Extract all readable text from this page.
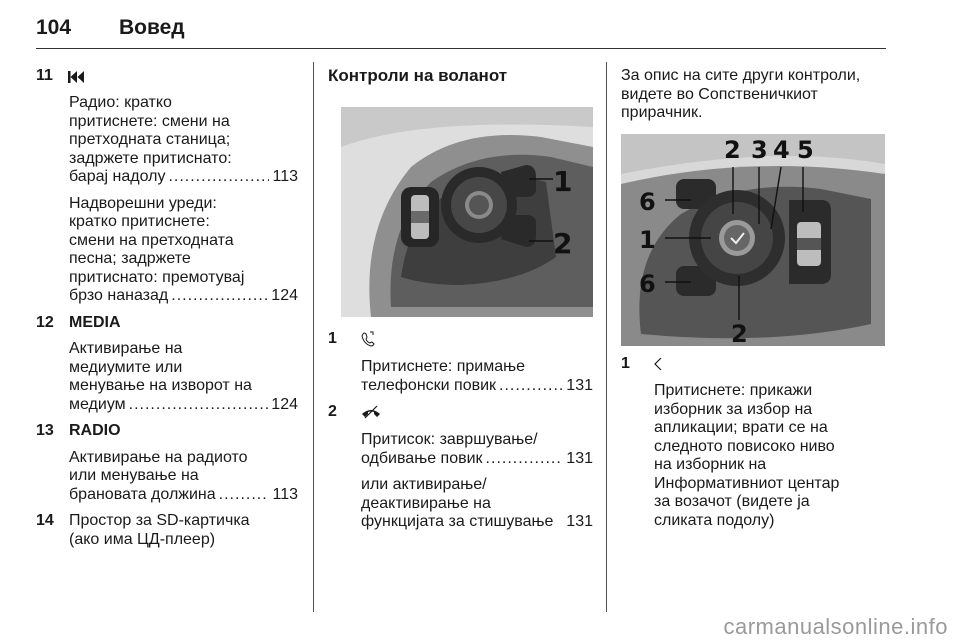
104 Вовед
11
Радио: кратко
притиснете: смени на
претходната станица;
задржете притиснато:
барај надолу .....	113
Надворешни уреди:
кратко притиснете:
смени на претходната
песна; задржете
притиснато: премотувај
брзо наназад .....	124
12 MEDIA
Активирање на
медиумите или
менување на изворот на
медиум .....	124
13 RADIO
Активирање на радиото
или менување на
брановата должина .....	113
14 Простор за SD-картичка
(ако има ЦД-плеер)
Контроли на воланот
1
2
1
Притиснете: примање
телефонски повик .....	131
2
Притисок: завршување/
одбивање повик .....	131
или активирање/
деактивирање на
функцијата за стишување 131
За опис на сите други контроли,
видете во Сопственичкиот
прирачник.
2 3 4 5
6
1
6
2
1
Притиснете: прикажи
изборник за избор на
апликации; врати се на
следното повисоко ниво
на изборник на
Информативниот центар
за возачот (видете ја
сликата подолу)
carmanualsonline.info
